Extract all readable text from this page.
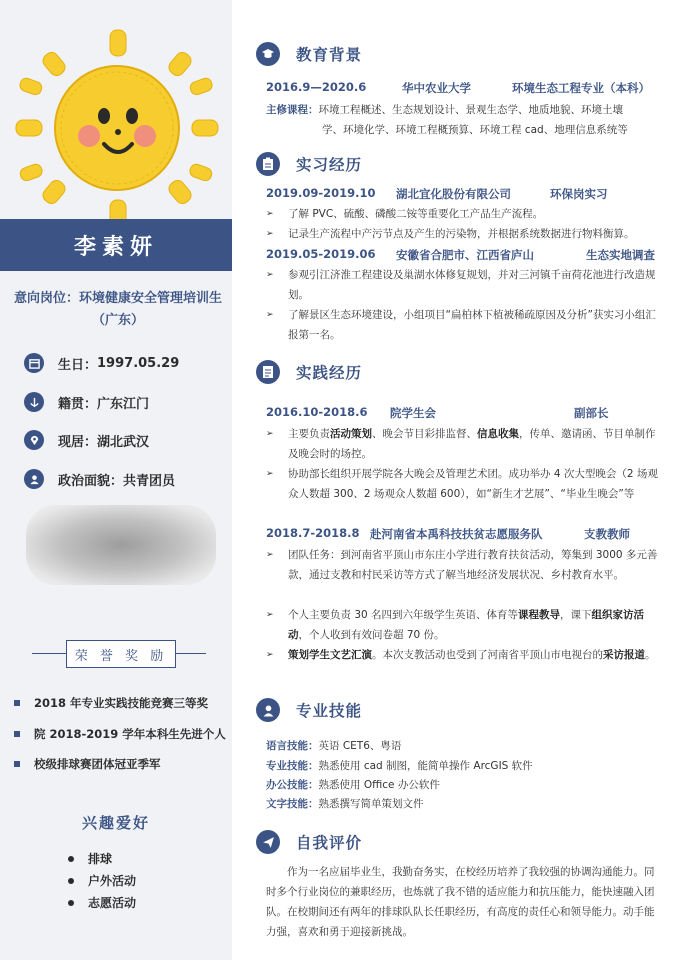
李素妍
意向岗位：环境健康安全管理培训生（广东）
生日： 1997.05.29
籍贯： 广东江门
现居： 湖北武汉
政治面貌： 共青团员
荣 誉 奖 励
2018 年专业实践技能竞赛三等奖
院 2018-2019 学年本科生先进个人
校级排球赛团体冠亚季军
兴趣爱好
排球
户外活动
志愿活动
教育背景
2016.9—2020.6	华中农业大学	环境生态工程专业（本科）
主修课程：环境工程概述、生态规划设计、景观生态学、地质地貌、环境土壤
学、环境化学、环境工程概预算、环境工程 cad、地理信息系统等
实习经历
2019.09-2019.10	湖北宜化股份有限公司	环保岗实习
➢ 了解 PVC、硫酸、磷酸二铵等重要化工产品生产流程。
➢ 记录生产流程中产污节点及产生的污染物，并根据系统数据进行物料衡算。
2019.05-2019.06	安徽省合肥市、江西省庐山	生态实地调查
➢ 参观引江济淮工程建设及巢湖水体修复规划，并对三河镇千亩荷花池进行改造规划。
➢ 了解景区生态环境建设，小组项目“扁柏林下植被稀疏原因及分析”获实习小组汇报第一名。
实践经历
2016.10-2018.6	院学生会	副部长
➢ 主要负责活动策划、晚会节目彩排监督、信息收集，传单、邀请函、节目单制作及晚会时的场控。
➢ 协助部长组织开展学院各大晚会及管理艺术团。成功举办 4 次大型晚会（2 场观众人数超 300、2 场观众人数超 600），如“新生才艺展”、“毕业生晚会”等
2018.7-2018.8 赴河南省本禹科技扶贫志愿服务队	支教教师
➢ 团队任务：到河南省平顶山市东庄小学进行教育扶贫活动，筹集到 3000 多元善款，通过支教和村民采访等方式了解当地经济发展状况、乡村教育水平。
➢ 个人主要负责 30 名四到六年级学生英语、体育等课程教导，课下组织家访活动，个人收到有效问卷超 70 份。
➢ 策划学生文艺汇演。本次支教活动也受到了河南省平顶山市电视台的采访报道。
专业技能
语言技能：英语 CET6、粤语
专业技能：熟悉使用 cad 制图，能简单操作 ArcGIS 软件
办公技能：熟悉使用 Office 办公软件
文字技能：熟悉撰写简单策划文件
自我评价
作为一名应届毕业生，我勤奋务实，在校经历培养了我较强的协调沟通能力。同时多个行业岗位的兼职经历，也炼就了我不错的适应能力和抗压能力，能快速融入团队。在校期间还有两年的排球队队长任职经历，有高度的责任心和领导能力。动手能力强，喜欢和勇于迎接新挑战。
